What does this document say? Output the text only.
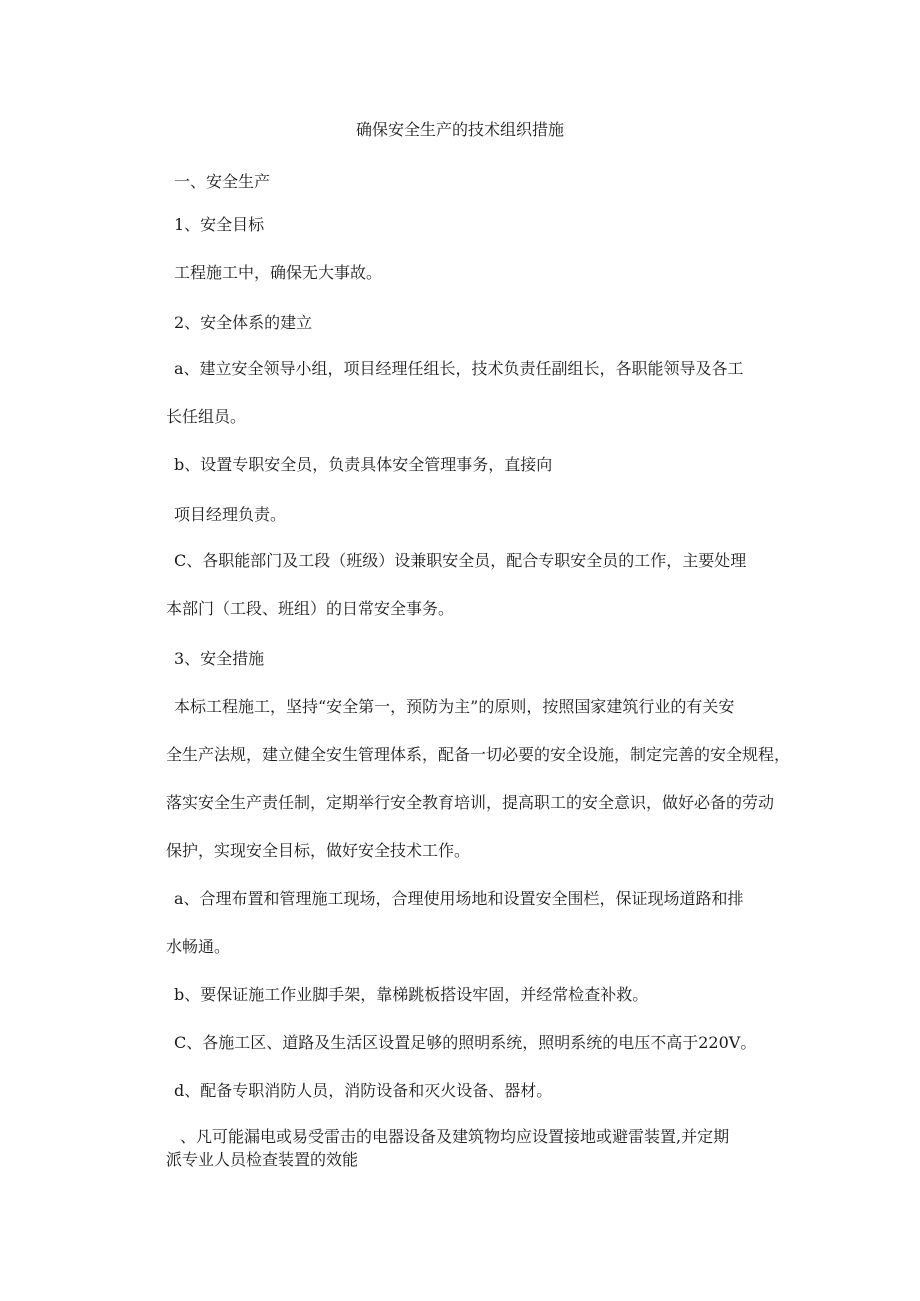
确保安全生产的技术组织措施

一、安全生产

1、安全目标

工程施工中，确保无大事故。

2、安全体系的建立

a、建立安全领导小组，项目经理任组长，技术负责任副组长，各职能领导及各工

长任组员。

b、设置专职安全员，负责具体安全管理事务，直接向

项目经理负责。

C、各职能部门及工段（班级）设兼职安全员，配合专职安全员的工作，主要处理

本部门（工段、班组）的日常安全事务。

3、安全措施

本标工程施工，坚持“安全第一，预防为主”的原则，按照国家建筑行业的有关安

全生产法规，建立健全安生管理体系，配备一切必要的安全设施，制定完善的安全规程，

落实安全生产责任制，定期举行安全教育培训，提高职工的安全意识，做好必备的劳动

保护，实现安全目标，做好安全技术工作。

a、合理布置和管理施工现场，合理使用场地和设置安全围栏，保证现场道路和排

水畅通。

b、要保证施工作业脚手架，靠梯跳板搭设牢固，并经常检查补救。

C、各施工区、道路及生活区设置足够的照明系统，照明系统的电压不高于220V。

d、配备专职消防人员，消防设备和灭火设备、器材。

、凡可能漏电或易受雷击的电器设备及建筑物均应设置接地或避雷装置,并定期

派专业人员检查装置的效能
